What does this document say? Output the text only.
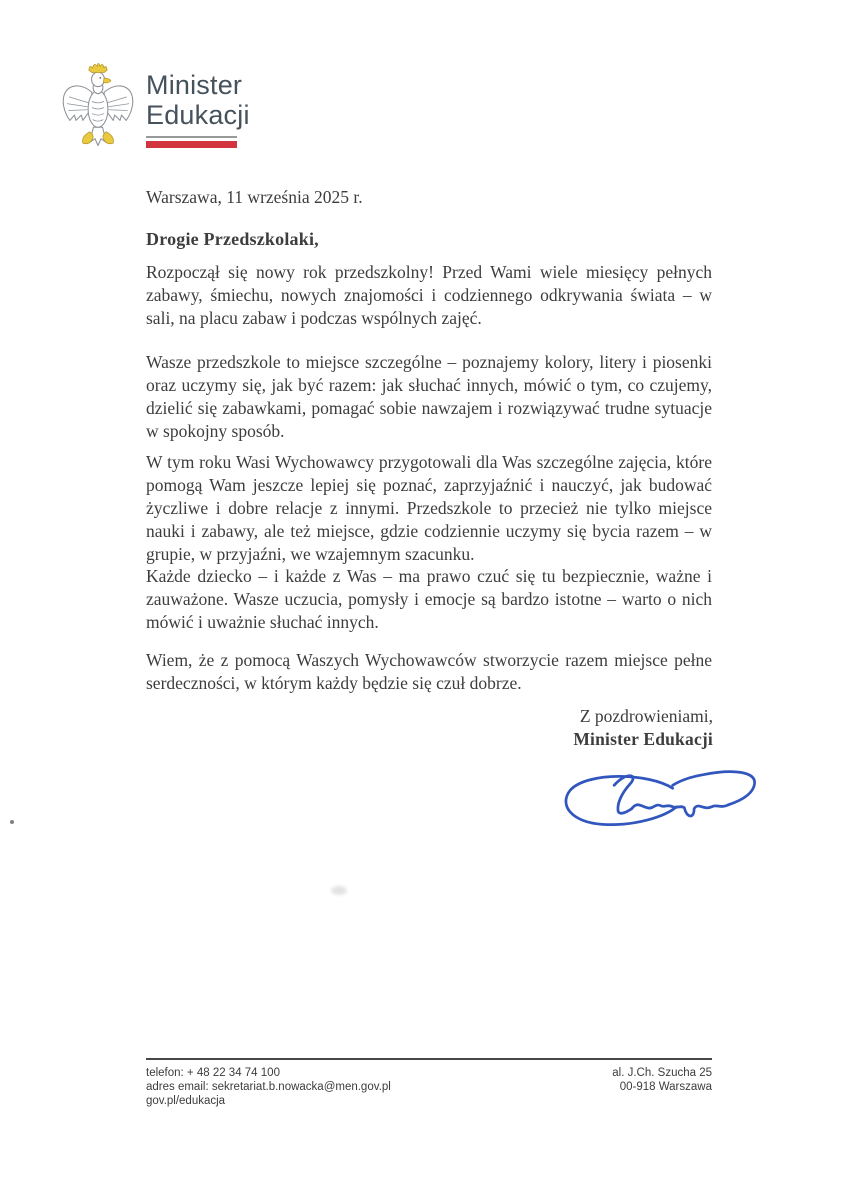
Minister
Edukacji
Warszawa, 11 września 2025 r.
Drogie Przedszkolaki,

Rozpoczął się nowy rok przedszkolny! Przed Wami wiele miesięcy pełnych zabawy, śmiechu, nowych znajomości i codziennego odkrywania świata – w sali, na placu zabaw i podczas wspólnych zajęć.

Wasze przedszkole to miejsce szczególne – poznajemy kolory, litery i piosenki oraz uczymy się, jak być razem: jak słuchać innych, mówić o tym, co czujemy, dzielić się zabawkami, pomagać sobie nawzajem i rozwiązywać trudne sytuacje w spokojny sposób.

W tym roku Wasi Wychowawcy przygotowali dla Was szczególne zajęcia, które pomogą Wam jeszcze lepiej się poznać, zaprzyjaźnić i nauczyć, jak budować życzliwe i dobre relacje z innymi. Przedszkole to przecież nie tylko miejsce nauki i zabawy, ale też miejsce, gdzie codziennie uczymy się bycia razem – w grupie, w przyjaźni, we wzajemnym szacunku.

Każde dziecko – i każde z Was – ma prawo czuć się tu bezpiecznie, ważne i zauważone. Wasze uczucia, pomysły i emocje są bardzo istotne – warto o nich mówić i uważnie słuchać innych.

Wiem, że z pomocą Waszych Wychowawców stworzycie razem miejsce pełne serdeczności, w którym każdy będzie się czuł dobrze.

Z pozdrowieniami,
Minister Edukacji
telefon: + 48 22 34 74 100
adres email: sekretariat.b.nowacka@men.gov.pl
gov.pl/edukacja
al. J.Ch. Szucha 25
00-918 Warszawa
